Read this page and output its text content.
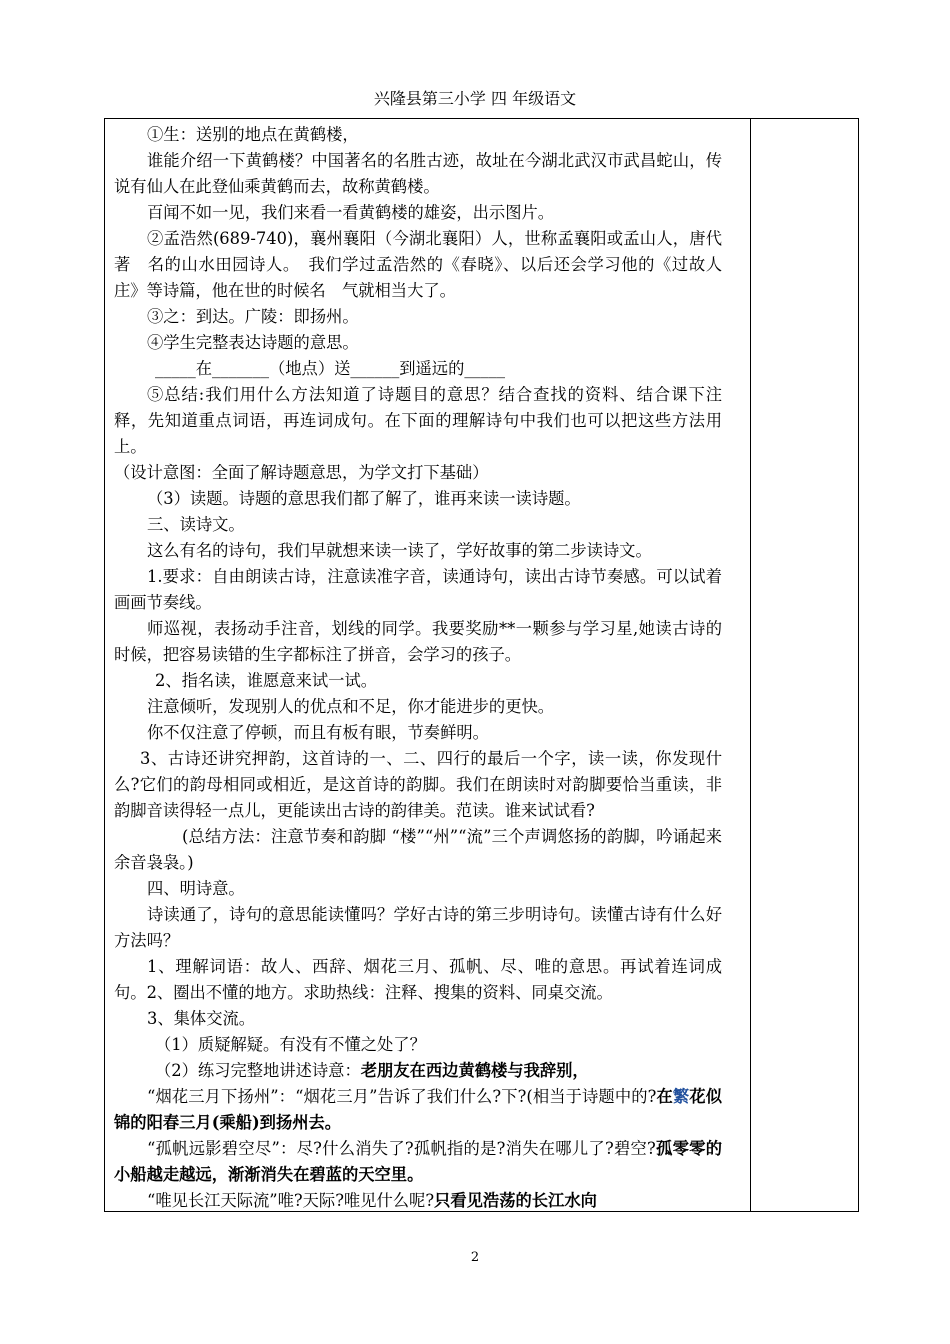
兴隆县第三小学 四 年级语文

①生：送别的地点在黄鹤楼，

谁能介绍一下黄鹤楼？中国著名的名胜古迹，故址在今湖北武汉市武昌蛇山，传说有仙人在此登仙乘黄鹤而去，故称黄鹤楼。

百闻不如一见，我们来看一看黄鹤楼的雄姿，出示图片。

②孟浩然(689-740)，襄州襄阳（今湖北襄阳）人，世称孟襄阳或孟山人，唐代著　名的山水田园诗人。　我们学过孟浩然的《春晓》、以后还会学习他的《过故人庄》等诗篇，他在世的时候名　气就相当大了。

③之：到达。广陵：即扬州。

④学生完整表达诗题的意思。

_____在_______（地点）送______到遥远的_____

⑤总结:我们用什么方法知道了诗题目的意思？结合查找的资料、结合课下注释，先知道重点词语，再连词成句。在下面的理解诗句中我们也可以把这些方法用上。

（设计意图：全面了解诗题意思，为学文打下基础）

（3）读题。诗题的意思我们都了解了，谁再来读一读诗题。

三、读诗文。

这么有名的诗句，我们早就想来读一读了，学好故事的第二步读诗文。

1.要求：自由朗读古诗，注意读准字音，读通诗句，读出古诗节奏感。可以试着画画节奏线。

师巡视，表扬动手注音，划线的同学。我要奖励**一颗参与学习星,她读古诗的时候，把容易读错的生字都标注了拼音，会学习的孩子。

2、指名读，谁愿意来试一试。

注意倾听，发现别人的优点和不足，你才能进步的更快。

你不仅注意了停顿，而且有板有眼，节奏鲜明。

3、古诗还讲究押韵，这首诗的一、二、四行的最后一个字，读一读，你发现什么?它们的韵母相同或相近，是这首诗的韵脚。我们在朗读时对韵脚要恰当重读，非韵脚音读得轻一点儿，更能读出古诗的韵律美。范读。谁来试试看?

(总结方法：注意节奏和韵脚 “楼”“州”“流”三个声调悠扬的韵脚，吟诵起来余音袅袅。)

四、明诗意。

诗读通了，诗句的意思能读懂吗？学好古诗的第三步明诗句。读懂古诗有什么好方法吗？

1、理解词语：故人、西辞、烟花三月、孤帆、尽、唯的意思。再试着连词成句。2、圈出不懂的地方。求助热线：注释、搜集的资料、同桌交流。

3、集体交流。

（1）质疑解疑。有没有不懂之处了？

（2）练习完整地讲述诗意：老朋友在西边黄鹤楼与我辞别，

“烟花三月下扬州”：“烟花三月”告诉了我们什么?下?(相当于诗题中的?在繁花似锦的阳春三月(乘船)到扬州去。

“孤帆远影碧空尽”：尽?什么消失了?孤帆指的是?消失在哪儿了?碧空?孤零零的小船越走越远，渐渐消失在碧蓝的天空里。

“唯见长江天际流”唯?天际?唯见什么呢?只看见浩荡的长江水向

2
